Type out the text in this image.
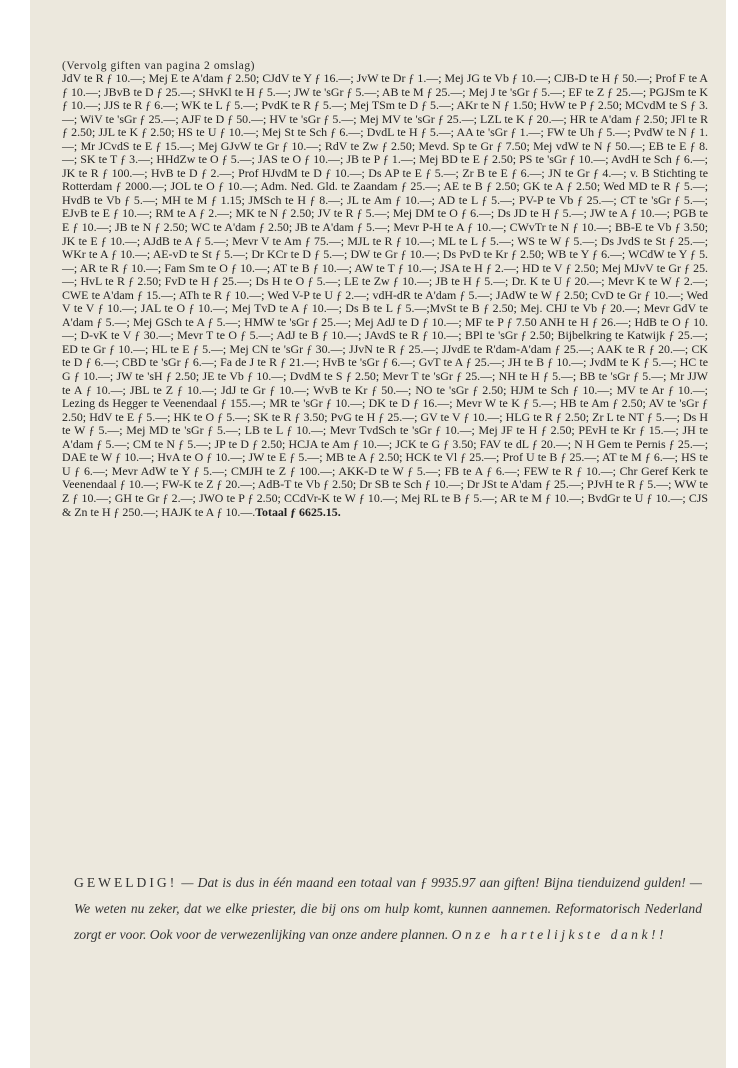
(Vervolg giften van pagina 2 omslag)
JdV te R ƒ 10.—; Mej E te A'dam ƒ 2.50; CJdV te Y ƒ 16.—; JvW te Dr ƒ 1.—; Mej JG te Vb ƒ 10.—; CJB-D te H ƒ 50.—; Prof F te A ƒ 10.—; JBvB te D ƒ 25.—; SHvKl te H ƒ 5.—; JW te 'sGr ƒ 5.—; AB te M ƒ 25.—; Mej J te 'sGr ƒ 5.—; EF te Z ƒ 25.—; PGJSm te K ƒ 10.—; JJS te R ƒ 6.—; WK te L ƒ 5.—; PvdK te R ƒ 5.—; Mej TSm te D ƒ 5.—; AKr te N ƒ 1.50; HvW te P ƒ 2.50; MCvdM te S ƒ 3.—; WiV te 'sGr ƒ 25.—; AJF te D ƒ 50.—; HV te 'sGr ƒ 5.—; Mej MV te 'sGr ƒ 25.—; LZL te K ƒ 20.—; HR te A'dam ƒ 2.50; JFl te R ƒ 2.50; JJL te K ƒ 2.50; HS te U ƒ 10.—; Mej St te Sch ƒ 6.—; DvdL te H ƒ 5.—; AA te 'sGr ƒ 1.—; FW te Uh ƒ 5.—; PvdW te N ƒ 1.—; Mr JCvdS te E ƒ 15.—; Mej GJvW te Gr ƒ 10.—; RdV te Zw ƒ 2.50; Mevd. Sp te Gr ƒ 7.50; Mej vdW te N ƒ 50.—; EB te E ƒ 8.—; SK te T ƒ 3.—; HHdZw te O ƒ 5.—; JAS te O ƒ 10.—; JB te P ƒ 1.—; Mej BD te E ƒ 2.50; PS te 'sGr ƒ 10.—; AvdH te Sch ƒ 6.—; JK te R ƒ 100.—; HvB te D ƒ 2.—; Prof HJvdM te D ƒ 10.—; Ds AP te E ƒ 5.—; Zr B te E ƒ 6.—; JN te Gr ƒ 4.—; v. B Stichting te Rotterdam ƒ 2000.—; JOL te O ƒ 10.—; Adm. Ned. Gld. te Zaandam ƒ 25.—; AE te B ƒ 2.50; GK te A ƒ 2.50; Wed MD te R ƒ 5.—; HvdB te Vb ƒ 5.—; MH te M ƒ 1.15; JMSch te H ƒ 8.—; JL te Am ƒ 10.—; AD te L ƒ 5.—; PV-P te Vb ƒ 25.—; CT te 'sGr ƒ 5.—; EJvB te E ƒ 10.—; RM te A ƒ 2.—; MK te N ƒ 2.50; JV te R ƒ 5.—; Mej DM te O ƒ 6.—; Ds JD te H ƒ 5.—; JW te A ƒ 10.—; PGB te E ƒ 10.—; JB te N ƒ 2.50; WC te A'dam ƒ 2.50; JB te A'dam ƒ 5.—; Mevr P-H te A ƒ 10.—; CWvTr te N ƒ 10.—; BB-E te Vb ƒ 3.50; JK te E ƒ 10.—; AJdB te A ƒ 5.—; Mevr V te Am ƒ 75.—; MJL te R ƒ 10.—; ML te L ƒ 5.—; WS te W ƒ 5.—; Ds JvdS te St ƒ 25.—; WKr te A ƒ 10.—; AE-vD te St ƒ 5.—; Dr KCr te D ƒ 5.—; DW te Gr ƒ 10.—; Ds PvD te Kr ƒ 2.50; WB te Y ƒ 6.—; WCdW te Y ƒ 5.—; AR te R ƒ 10.—; Fam Sm te O ƒ 10.—; AT te B ƒ 10.—; AW te T ƒ 10.—; JSA te H ƒ 2.—; HD te V ƒ 2.50; Mej MJvV te Gr ƒ 25.—; HvL te R ƒ 2.50; FvD te H ƒ 25.—; Ds H te O ƒ 5.—; LE te Zw ƒ 10.—; JB te H ƒ 5.—; Dr. K te U ƒ 20.—; Mevr K te W ƒ 2.—; CWE te A'dam ƒ 15.—; ATh te R ƒ 10.—; Wed V-P te U ƒ 2.—; vdH-dR te A'dam ƒ 5.—; JAdW te W ƒ 2.50; CvD te Gr ƒ 10.—; Wed V te V ƒ 10.—; JAL te O ƒ 10.—; Mej TvD te A ƒ 10.—; Ds B te L ƒ 5.—;MvSt te B ƒ 2.50; Mej. CHJ te Vb ƒ 20.—; Mevr GdV te A'dam ƒ 5.—; Mej GSch te A ƒ 5.—; HMW te 'sGr ƒ 25.—; Mej AdJ te D ƒ 10.—; MF te P ƒ 7.50 ANH te H ƒ 26.—; HdB te O ƒ 10.—; D-vK te V ƒ 30.—; Mevr T te O ƒ 5.—; AdJ te B ƒ 10.—; JAvdS te R ƒ 10.—; BPl te 'sGr ƒ 2.50; Bijbelkring te Katwijk ƒ 25.—; ED te Gr ƒ 10.—; HL te E ƒ 5.—; Mej CN te 'sGr ƒ 30.—; JJvN te R ƒ 25.—; JJvdE te R'dam-A'dam ƒ 25.—; AAK te R ƒ 20.—; CK te D ƒ 6.—; CBD te 'sGr ƒ 6.—; Fa de J te R ƒ 21.—; HvB te 'sGr ƒ 6.—; GvT te A ƒ 25.—; JH te B ƒ 10.—; JvdM te K ƒ 5.—; HC te G ƒ 10.—; JW te 'sH ƒ 2.50; JE te Vb ƒ 10.—; DvdM te S ƒ 2.50; Mevr T te 'sGr ƒ 25.—; NH te H ƒ 5.—; BB te 'sGr ƒ 5.—; Mr JJW te A ƒ 10.—; JBL te Z ƒ 10.—; JdJ te Gr ƒ 10.—; WvB te Kr ƒ 50.—; NO te 'sGr ƒ 2.50; HJM te Sch ƒ 10.—; MV te Ar ƒ 10.—; Lezing ds Hegger te Veenendaal ƒ 155.—; MR te 'sGr ƒ 10.—; DK te D ƒ 16.—; Mevr W te K ƒ 5.—; HB te Am ƒ 2.50; AV te 'sGr ƒ 2.50; HdV te E ƒ 5.—; HK te O ƒ 5.—; SK te R ƒ 3.50; PvG te H ƒ 25.—; GV te V ƒ 10.—; HLG te R ƒ 2.50; Zr L te NT ƒ 5.—; Ds H te W ƒ 5.—; Mej MD te 'sGr ƒ 5.—; LB te L ƒ 10.—; Mevr TvdSch te 'sGr ƒ 10.—; Mej JF te H ƒ 2.50; PEvH te Kr ƒ 15.—; JH te A'dam ƒ 5.—; CM te N ƒ 5.—; JP te D ƒ 2.50; HCJA te Am ƒ 10.—; JCK te G ƒ 3.50; FAV te dL ƒ 20.—; N H Gem te Pernis ƒ 25.—; DAE te W ƒ 10.—; HvA te O ƒ 10.—; JW te E ƒ 5.—; MB te A ƒ 2.50; HCK te Vl ƒ 25.—; Prof U te B ƒ 25.—; AT te M ƒ 6.—; HS te U ƒ 6.—; Mevr AdW te Y ƒ 5.—; CMJH te Z ƒ 100.—; AKK-D te W ƒ 5.—; FB te A ƒ 6.—; FEW te R ƒ 10.—; Chr Geref Kerk te Veenendaal ƒ 10.—; FW-K te Z ƒ 20.—; AdB-T te Vb ƒ 2.50; Dr SB te Sch ƒ 10.—; Dr JSt te A'dam ƒ 25.—; PJvH te R ƒ 5.—; WW te Z ƒ 10.—; GH te Gr ƒ 2.—; JWO te P ƒ 2.50; CCdVr-K te W ƒ 10.—; Mej RL te B ƒ 5.—; AR te M ƒ 10.—; BvdGr te U ƒ 10.—; CJS & Zn te H ƒ 250.—; HAJK te A ƒ 10.—.Totaal ƒ 6625.15.
GEWELDIG! — Dat is dus in één maand een totaal van ƒ 9935.97 aan giften! Bijna tienduizend gulden! — We weten nu zeker, dat we elke priester, die bij ons om hulp komt, kunnen aannemen. Reformatorisch Nederland zorgt er voor. Ook voor de verwezenlijking van onze andere plannen. Onze hartelijkste dank!!
